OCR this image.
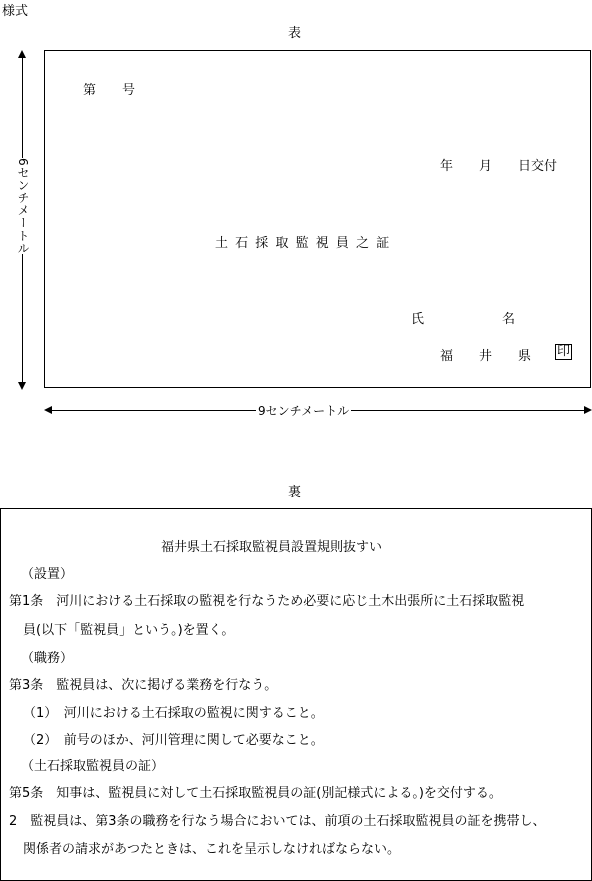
様式
表
6センチメートル
第　　号
年　　月　　日交付
土石採取監視員之証
氏　　　　　　名
福　　井　　県 印
9センチメートル
裏
福井県土石採取監視員設置規則抜すい
（設置）
第1条　河川における土石採取の監視を行なうため必要に応じ土木出張所に土石採取監視
員(以下「監視員」という。)を置く。
（職務）
第3条　監視員は、次に掲げる業務を行なう。
（1）　河川における土石採取の監視に関すること。
（2）　前号のほか、河川管理に関して必要なこと。
（土石採取監視員の証）
第5条　知事は、監視員に対して土石採取監視員の証(別記様式による。)を交付する。
2　監視員は、第3条の職務を行なう場合においては、前項の土石採取監視員の証を携帯し、
関係者の請求があつたときは、これを呈示しなければならない。
